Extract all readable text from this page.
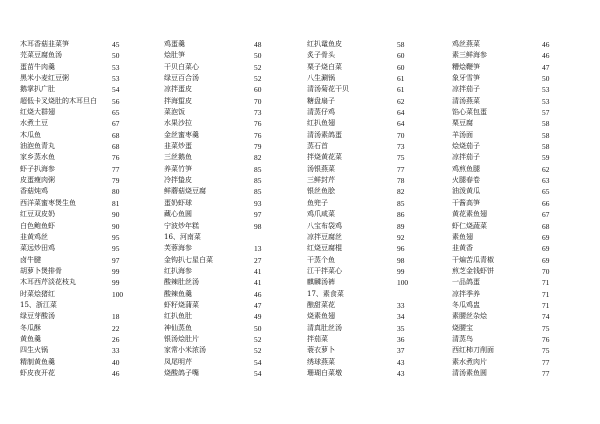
木耳香菇韭菜笋	45
芫菜豆腐鱼汤	50
蛋苗牛肉羹	53
黑米小麦红豆粥	53
鹅掌扒广肚	54
超低卡叉烧肚的木耳旦白 56
红烧大群翅	65
水煮土豆	67
木瓜鱼	68
油泡鱼青丸	68
家乡蒸水鱼	76
虾子扒海参	77
皮蛋瘦肉粥	79
香菇炖鸡	80
西洋菜蜜枣煲生鱼	81
红豆双皮奶	90
白色鲍鱼虾	90
韭黄鸡丝	95
菜远炒田鸡	95
卤牛腱	97
胡萝卜煲排骨	99
木耳西芹淡花枝丸	99
时菜烩猪红	100
15、浙江菜
绿豆芽酸汤	18
冬瓜酥	22
黄鱼羹	26
四生火锅	33
精制黄鱼羹	40
虾皮夜开花	46
鸡蛋羹	48
烩肚笋	50
干贝白菜心	52
绿豆百合汤	52
凉拌蛋皮	60
拌海蜇皮	70
菜泡饭	73
水果沙拉	76
金丝蜜枣羹	76
韭菜炒蛋	79
三丝鹅鱼	82
养菜竹笋	85
冷拌蛰皮	85
鲜蘑菇烧豆腐	85
蛋奶虾球	93
藏心鱼圆	97
宁波炒年糕	98
16、河南菜
芙蓉海参	13
金钩扒七星白菜	27
红扒海参	41
酸辣肚丝汤	41
酸辣鱼羹	46
虾籽烧蒲菜	47
红扒鱼肚	49
神仙蒸鱼	50
银汤烩肚片	52
家常小米浓汤	52
凤尾明芹	54
烧酸鸽子嘴	54
红扒鼋鱼皮	58
炙子骨头	60
栗子烧白菜	60
八生涮锅	61
清汤菊花干贝	61
糖盘扇子	62
清蒸仔鸡	64
红扒鱼翅	64
清汤素鸽蛋	70
蒸石首	73
拌烧黄花菜	75
汤银燕菜	77
三鲜封芹	78
银丝鱼脍	82
鱼兜子	85
鸡爪咸菜	86
八宝布袋鸡	89
凉拌豆腐丝	92
红烧豆腐棍	96
干蒸个鱼	98
江干拌菜心	99
麒麟汤裤	100
17、素食菜
酿甜菜花	33
烧素鱼翅	34
清真肚丝汤	35
拌茄菜	36
蓑衣萝卜	37
绣球燕菜	43
珊瑚白菜墩	43
鸡丝燕菜	46
素三鲜海参	46
糟烩鞭笋	47
象牙雪笋	50
凉拌茄子	53
清汤燕菜	53
馅心菜包蛋	57
栗豆腐	58
羊汤面	58
烩烧茄子	58
凉拌茄子	59
鸡煎鱼腿	62
火腿春卷	63
油泼黄瓜	65
干酱高笋	66
黄花素鱼翅	67
虾仁烧蔬菜	68
素鱼翅	69
韭黄香	69
干煸苦瓜青椒	69
煎芝金钱虾饼	70
一品鸽蛋	71
凉拌季养	71
冬瓜鸡盅	71
素腰丝杂烩	74
烧腰宝	75
清蒸鸟	76
西红柿刀削面	75
素水煮肉片	77
清汤素鱼圆	77
